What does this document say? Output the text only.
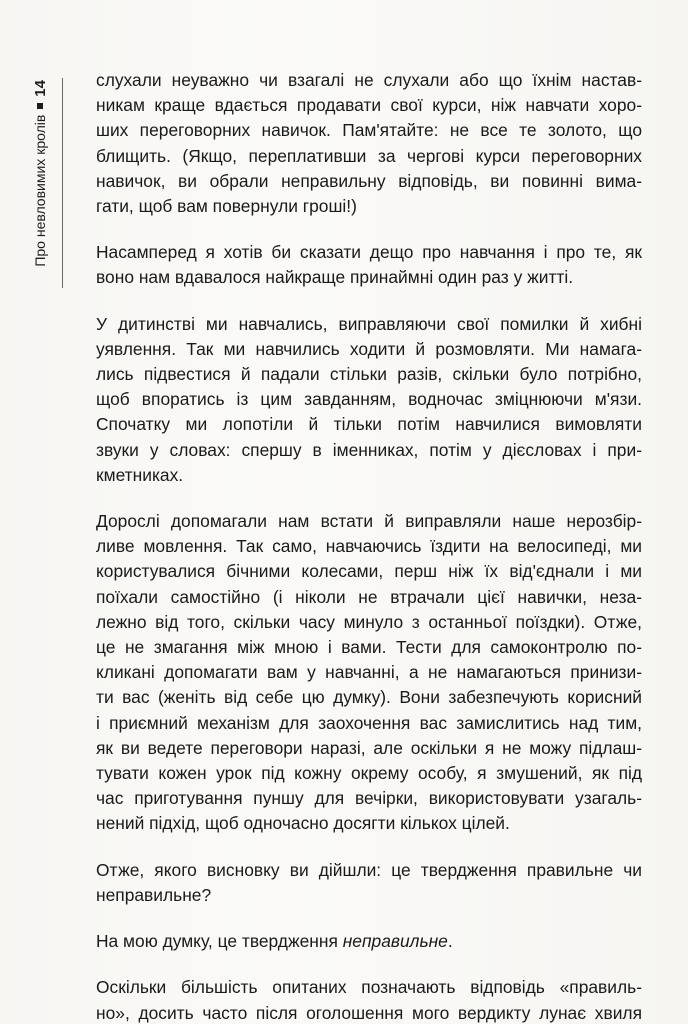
Про невловимих кролів
14	слухали неуважно чи взагалі не слухали або що їхнім настав-
никам краще вдається продавати свої курси, ніж навчати хоро-
ших переговорних навичок. Пам'ятайте: не все те золото, що
блищить. (Якщо, переплативши за чергові курси переговорних
навичок, ви обрали неправильну відповідь, ви повинні вима-
гати, щоб вам повернули гроші!)
Насамперед я хотів би сказати дещо про навчання і про те, як
воно нам вдавалося найкраще принаймні один раз у житті.
У дитинстві ми навчались, виправляючи свої помилки й хибні
уявлення. Так ми навчились ходити й розмовляти. Ми намага-
лись підвестися й падали стільки разів, скільки було потрібно,
щоб впоратись із цим завданням, водночас зміцнюючи м'язи.
Спочатку ми лопотіли й тільки потім навчилися вимовляти
звуки у словах: спершу в іменниках, потім у дієсловах і при-
кметниках.
Дорослі допомагали нам встати й виправляли наше нерозбір-
ливе мовлення. Так само, навчаючись їздити на велосипеді, ми
користувалися бічними колесами, перш ніж їх від'єднали і ми
поїхали самостійно (і ніколи не втрачали цієї навички, неза-
лежно від того, скільки часу минуло з останньої поїздки). Отже,
це не змагання між мною і вами. Тести для самоконтролю по-
кликані допомагати вам у навчанні, а не намагаються принизи-
ти вас (женіть від себе цю думку). Вони забезпечують корисний
і приємний механізм для заохочення вас замислитись над тим,
як ви ведете переговори наразі, але оскільки я не можу підлаш-
тувати кожен урок під кожну окрему особу, я змушений, як під
час приготування пуншу для вечірки, використовувати узагаль-
нений підхід, щоб одночасно досягти кількох цілей.
Отже, якого висновку ви дійшли: це твердження правильне чи
неправильне?
На мою думку, це твердження неправильне.
Оскільки більшість опитаних позначають відповідь «правиль-
но», досить часто після оголошення мого вердикту лунає хвиля
